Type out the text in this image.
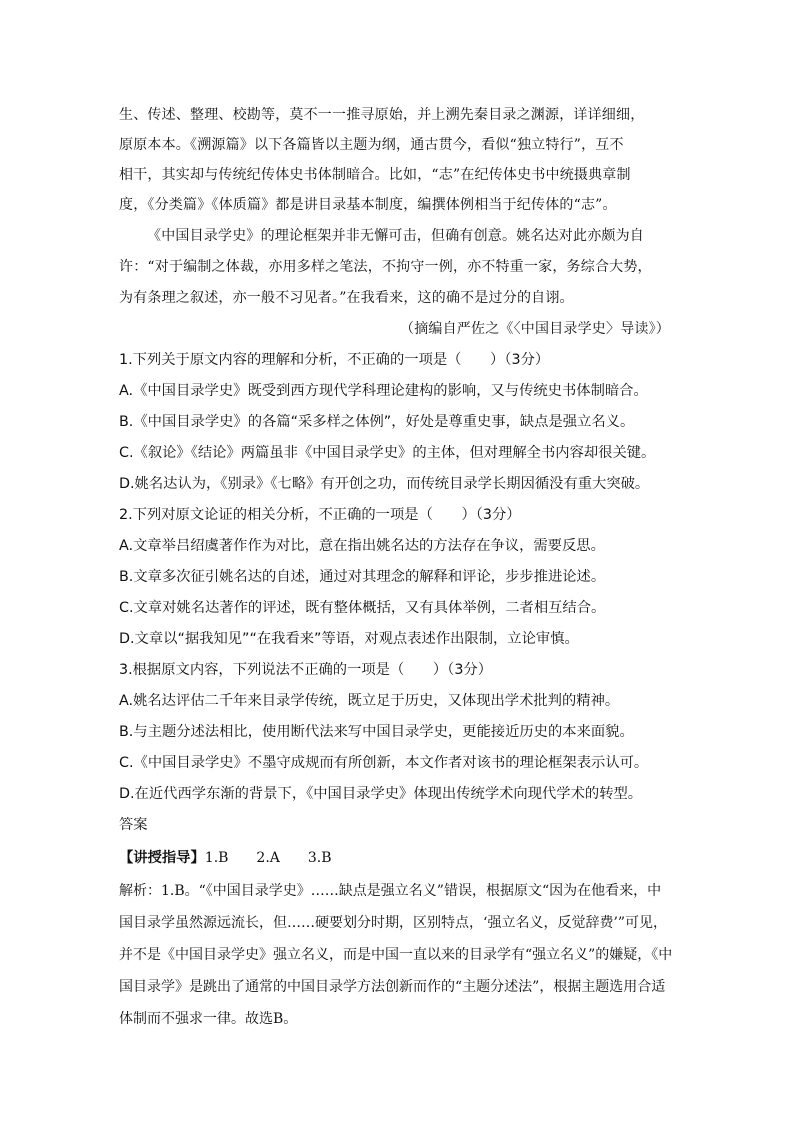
生、传述、整理、校勘等，莫不一一推寻原始，并上溯先秦目录之渊源，详详细细，
原原本本。《溯源篇》以下各篇皆以主题为纲，通古贯今，看似“独立特行”，互不
相干，其实却与传统纪传体史书体制暗合。比如，“志”在纪传体史书中统摄典章制
度，《分类篇》《体质篇》都是讲目录基本制度，编撰体例相当于纪传体的“志”。
《中国目录学史》的理论框架并非无懈可击，但确有创意。姚名达对此亦颇为自
许：“对于编制之体裁，亦用多样之笔法，不拘守一例，亦不特重一家，务综合大势，
为有条理之叙述，亦一般不习见者。”在我看来，这的确不是过分的自诩。
（摘编自严佐之《〈中国目录学史〉导读》）
1.下列关于原文内容的理解和分析，不正确的一项是（　　）（3分）
A.《中国目录学史》既受到西方现代学科理论建构的影响，又与传统史书体制暗合。
B.《中国目录学史》的各篇“采多样之体例”，好处是尊重史事，缺点是强立名义。
C.《叙论》《结论》两篇虽非《中国目录学史》的主体，但对理解全书内容却很关键。
D.姚名达认为，《别录》《七略》有开创之功，而传统目录学长期因循没有重大突破。
2.下列对原文论证的相关分析，不正确的一项是（　　）（3分）
A.文章举吕绍虞著作作为对比，意在指出姚名达的方法存在争议，需要反思。
B.文章多次征引姚名达的自述，通过对其理念的解释和评论，步步推进论述。
C.文章对姚名达著作的评述，既有整体概括，又有具体举例，二者相互结合。
D.文章以“据我知见”“在我看来”等语，对观点表述作出限制，立论审慎。
3.根据原文内容，下列说法不正确的一项是（　　）（3分）
A.姚名达评估二千年来目录学传统，既立足于历史，又体现出学术批判的精神。
B.与主题分述法相比，使用断代法来写中国目录学史，更能接近历史的本来面貌。
C.《中国目录学史》不墨守成规而有所创新，本文作者对该书的理论框架表示认可。
D.在近代西学东渐的背景下，《中国目录学史》体现出传统学术向现代学术的转型。
答案
【讲授指导】1.B　　2.A　　3.B
解析：1.B。“《中国目录学史》……缺点是强立名义”错误，根据原文“因为在他看来，中
国目录学虽然源远流长，但……硬要划分时期，区别特点，‘强立名义，反觉辞费’”可见，
并不是《中国目录学史》强立名义，而是中国一直以来的目录学有“强立名义”的嫌疑，《中
国目录学》是跳出了通常的中国目录学方法创新而作的“主题分述法”，根据主题选用合适
体制而不强求一律。故选B。
